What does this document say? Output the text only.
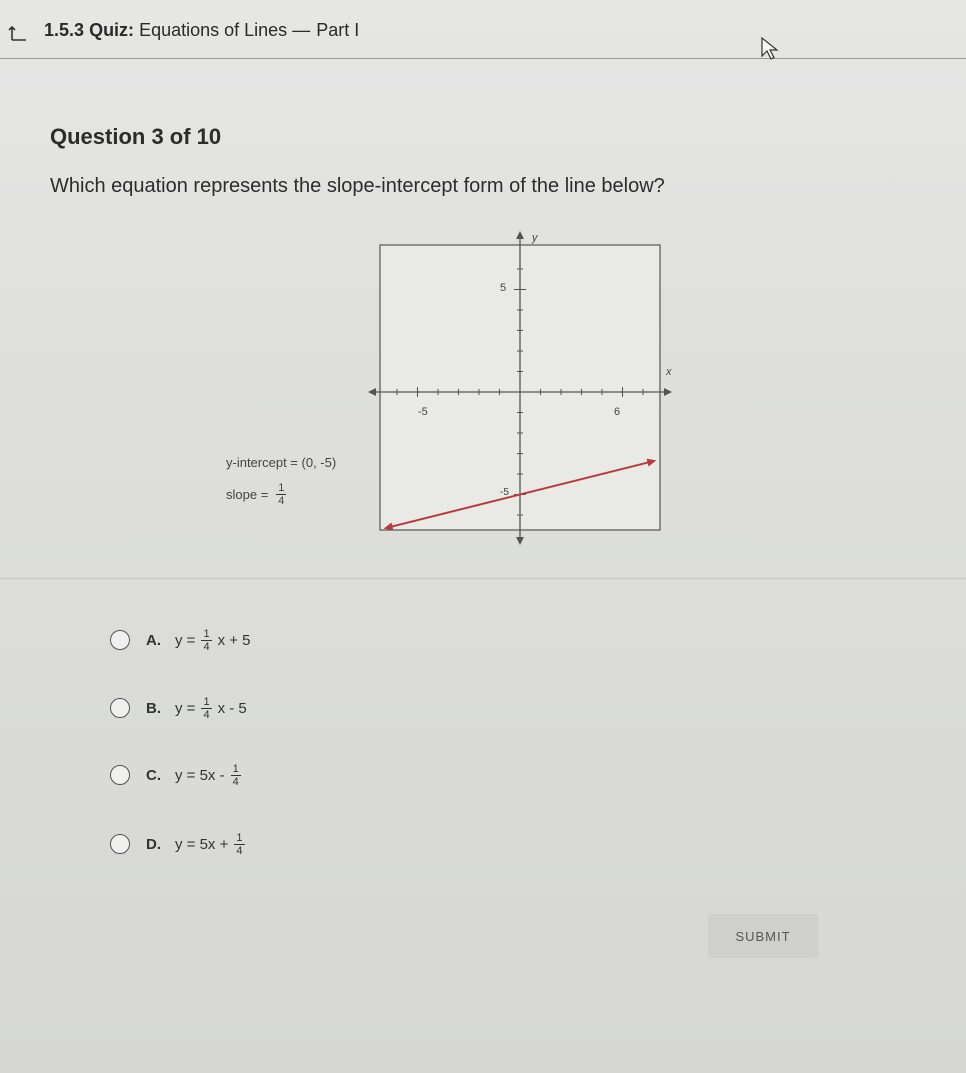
1.5.3 Quiz: Equations of Lines — Part I
Question 3 of 10
Which equation represents the slope-intercept form of the line below?
y
x
-5	6
5
-5
y-intercept = (0, -5)
slope = $\frac{1}{4}$
A. $y = \frac{1}{4}$ x + 5
B. $y = \frac{1}{4}$ x - 5
C. $y = 5x - \frac{1}{4}$
D. $y = 5x + \frac{1}{4}$
SUBMIT
